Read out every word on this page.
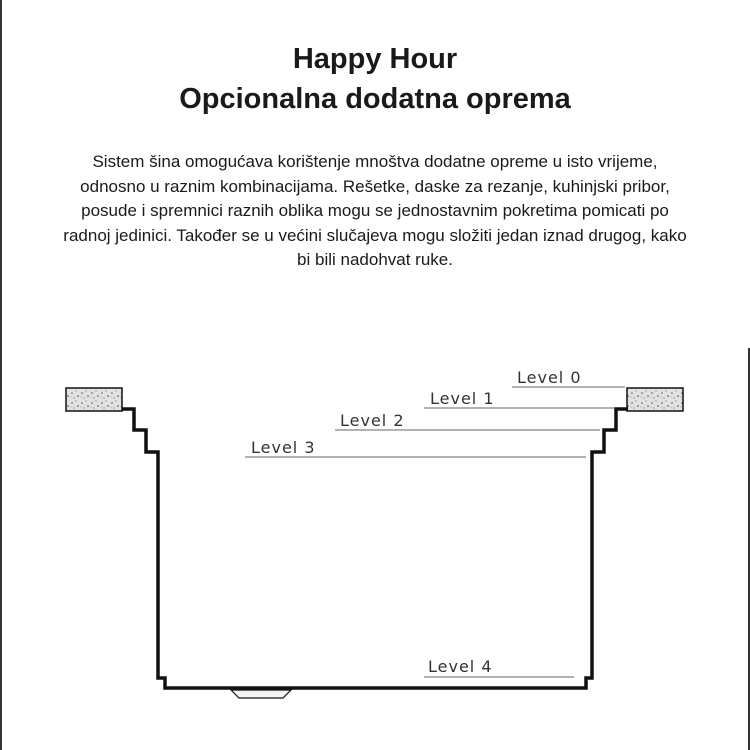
Happy Hour
Opcionalna dodatna oprema
Sistem šina omogućava korištenje mnoštva dodatne opreme u isto vrijeme,
odnosno u raznim kombinacijama. Rešetke, daske za rezanje, kuhinjski pribor,
posude i spremnici raznih oblika mogu se jednostavnim pokretima pomicati po
radnoj jedinici. Također se u većini slučajeva mogu složiti jedan iznad drugog, kako
bi bili nadohvat ruke.
Level 0
Level 1
Level 2
Level 3
Level 4
